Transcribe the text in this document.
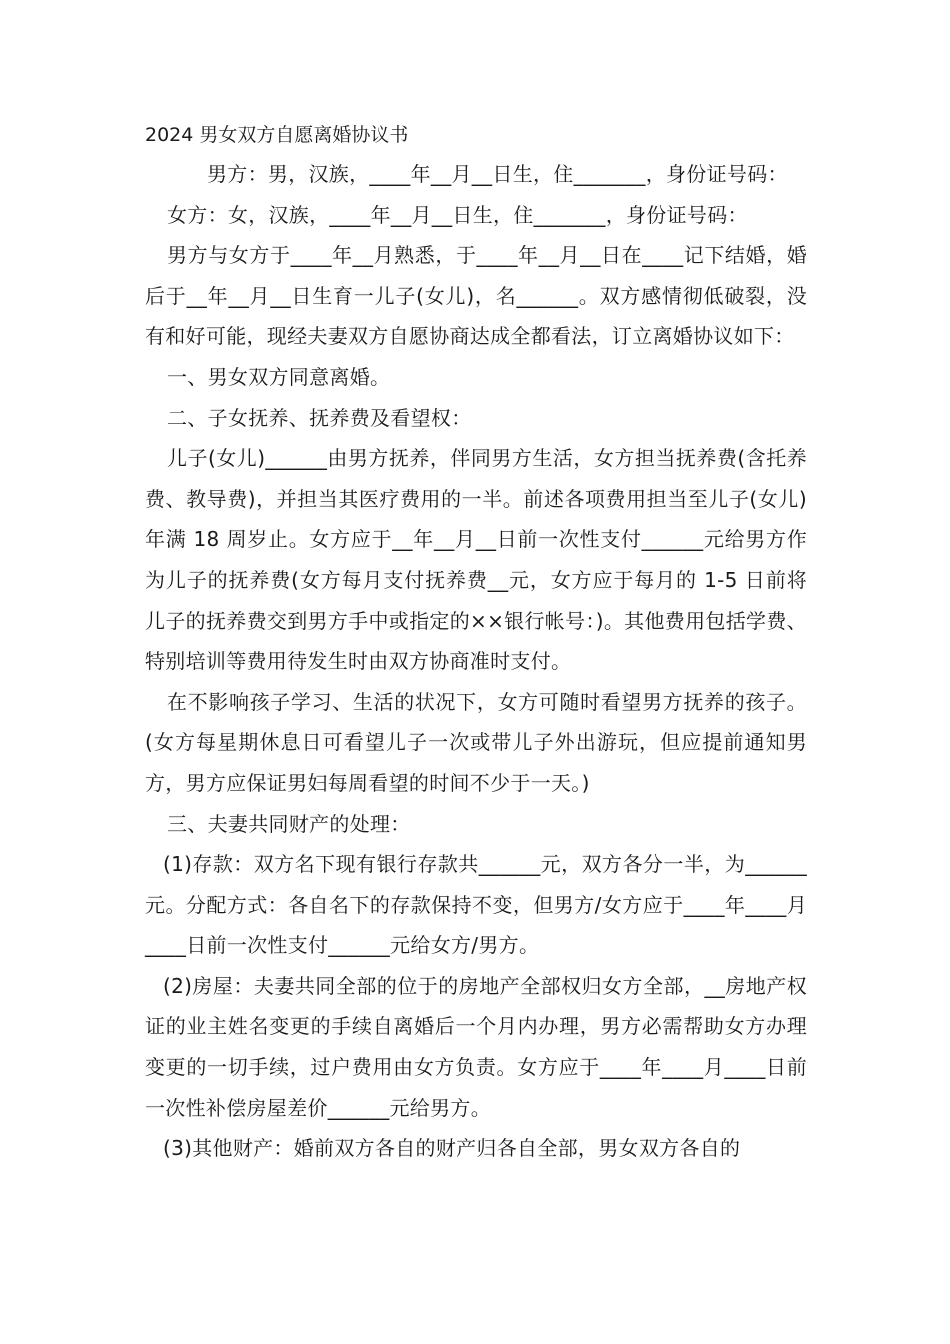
2024 男女双方自愿离婚协议书

男方：男，汉族，____年__月__日生，住_______，身份证号码：

女方：女，汉族，____年__月__日生，住_______，身份证号码：

男方与女方于____年__月熟悉，于____年__月__日在____记下结婚，婚后于__年__月__日生育一儿子(女儿)，名______。双方感情彻低破裂，没有和好可能，现经夫妻双方自愿协商达成全都看法，订立离婚协议如下：

一、男女双方同意离婚。

二、子女抚养、抚养费及看望权：

儿子(女儿)______由男方抚养，伴同男方生活，女方担当抚养费(含托养费、教导费)，并担当其医疗费用的一半。前述各项费用担当至儿子(女儿) 年满 18 周岁止。女方应于__年__月__日前一次性支付______元给男方作为儿子的抚养费(女方每月支付抚养费__元，女方应于每月的 1-5 日前将儿子的抚养费交到男方手中或指定的××银行帐号：)。其他费用包括学费、特别培训等费用待发生时由双方协商准时支付。

在不影响孩子学习、生活的状况下，女方可随时看望男方抚养的孩子。(女方每星期休息日可看望儿子一次或带儿子外出游玩，但应提前通知男方，男方应保证男妇每周看望的时间不少于一天。)

三、夫妻共同财产的处理：

(1)存款：双方名下现有银行存款共______元，双方各分一半，为______元。分配方式：各自名下的存款保持不变，但男方/女方应于____年____月____日前一次性支付______元给女方/男方。

(2)房屋：夫妻共同全部的位于的房地产全部权归女方全部，__房地产权证的业主姓名变更的手续自离婚后一个月内办理，男方必需帮助女方办理变更的一切手续，过户费用由女方负责。女方应于____年____月____日前一次性补偿房屋差价______元给男方。

(3)其他财产：婚前双方各自的财产归各自全部，男女双方各自的
